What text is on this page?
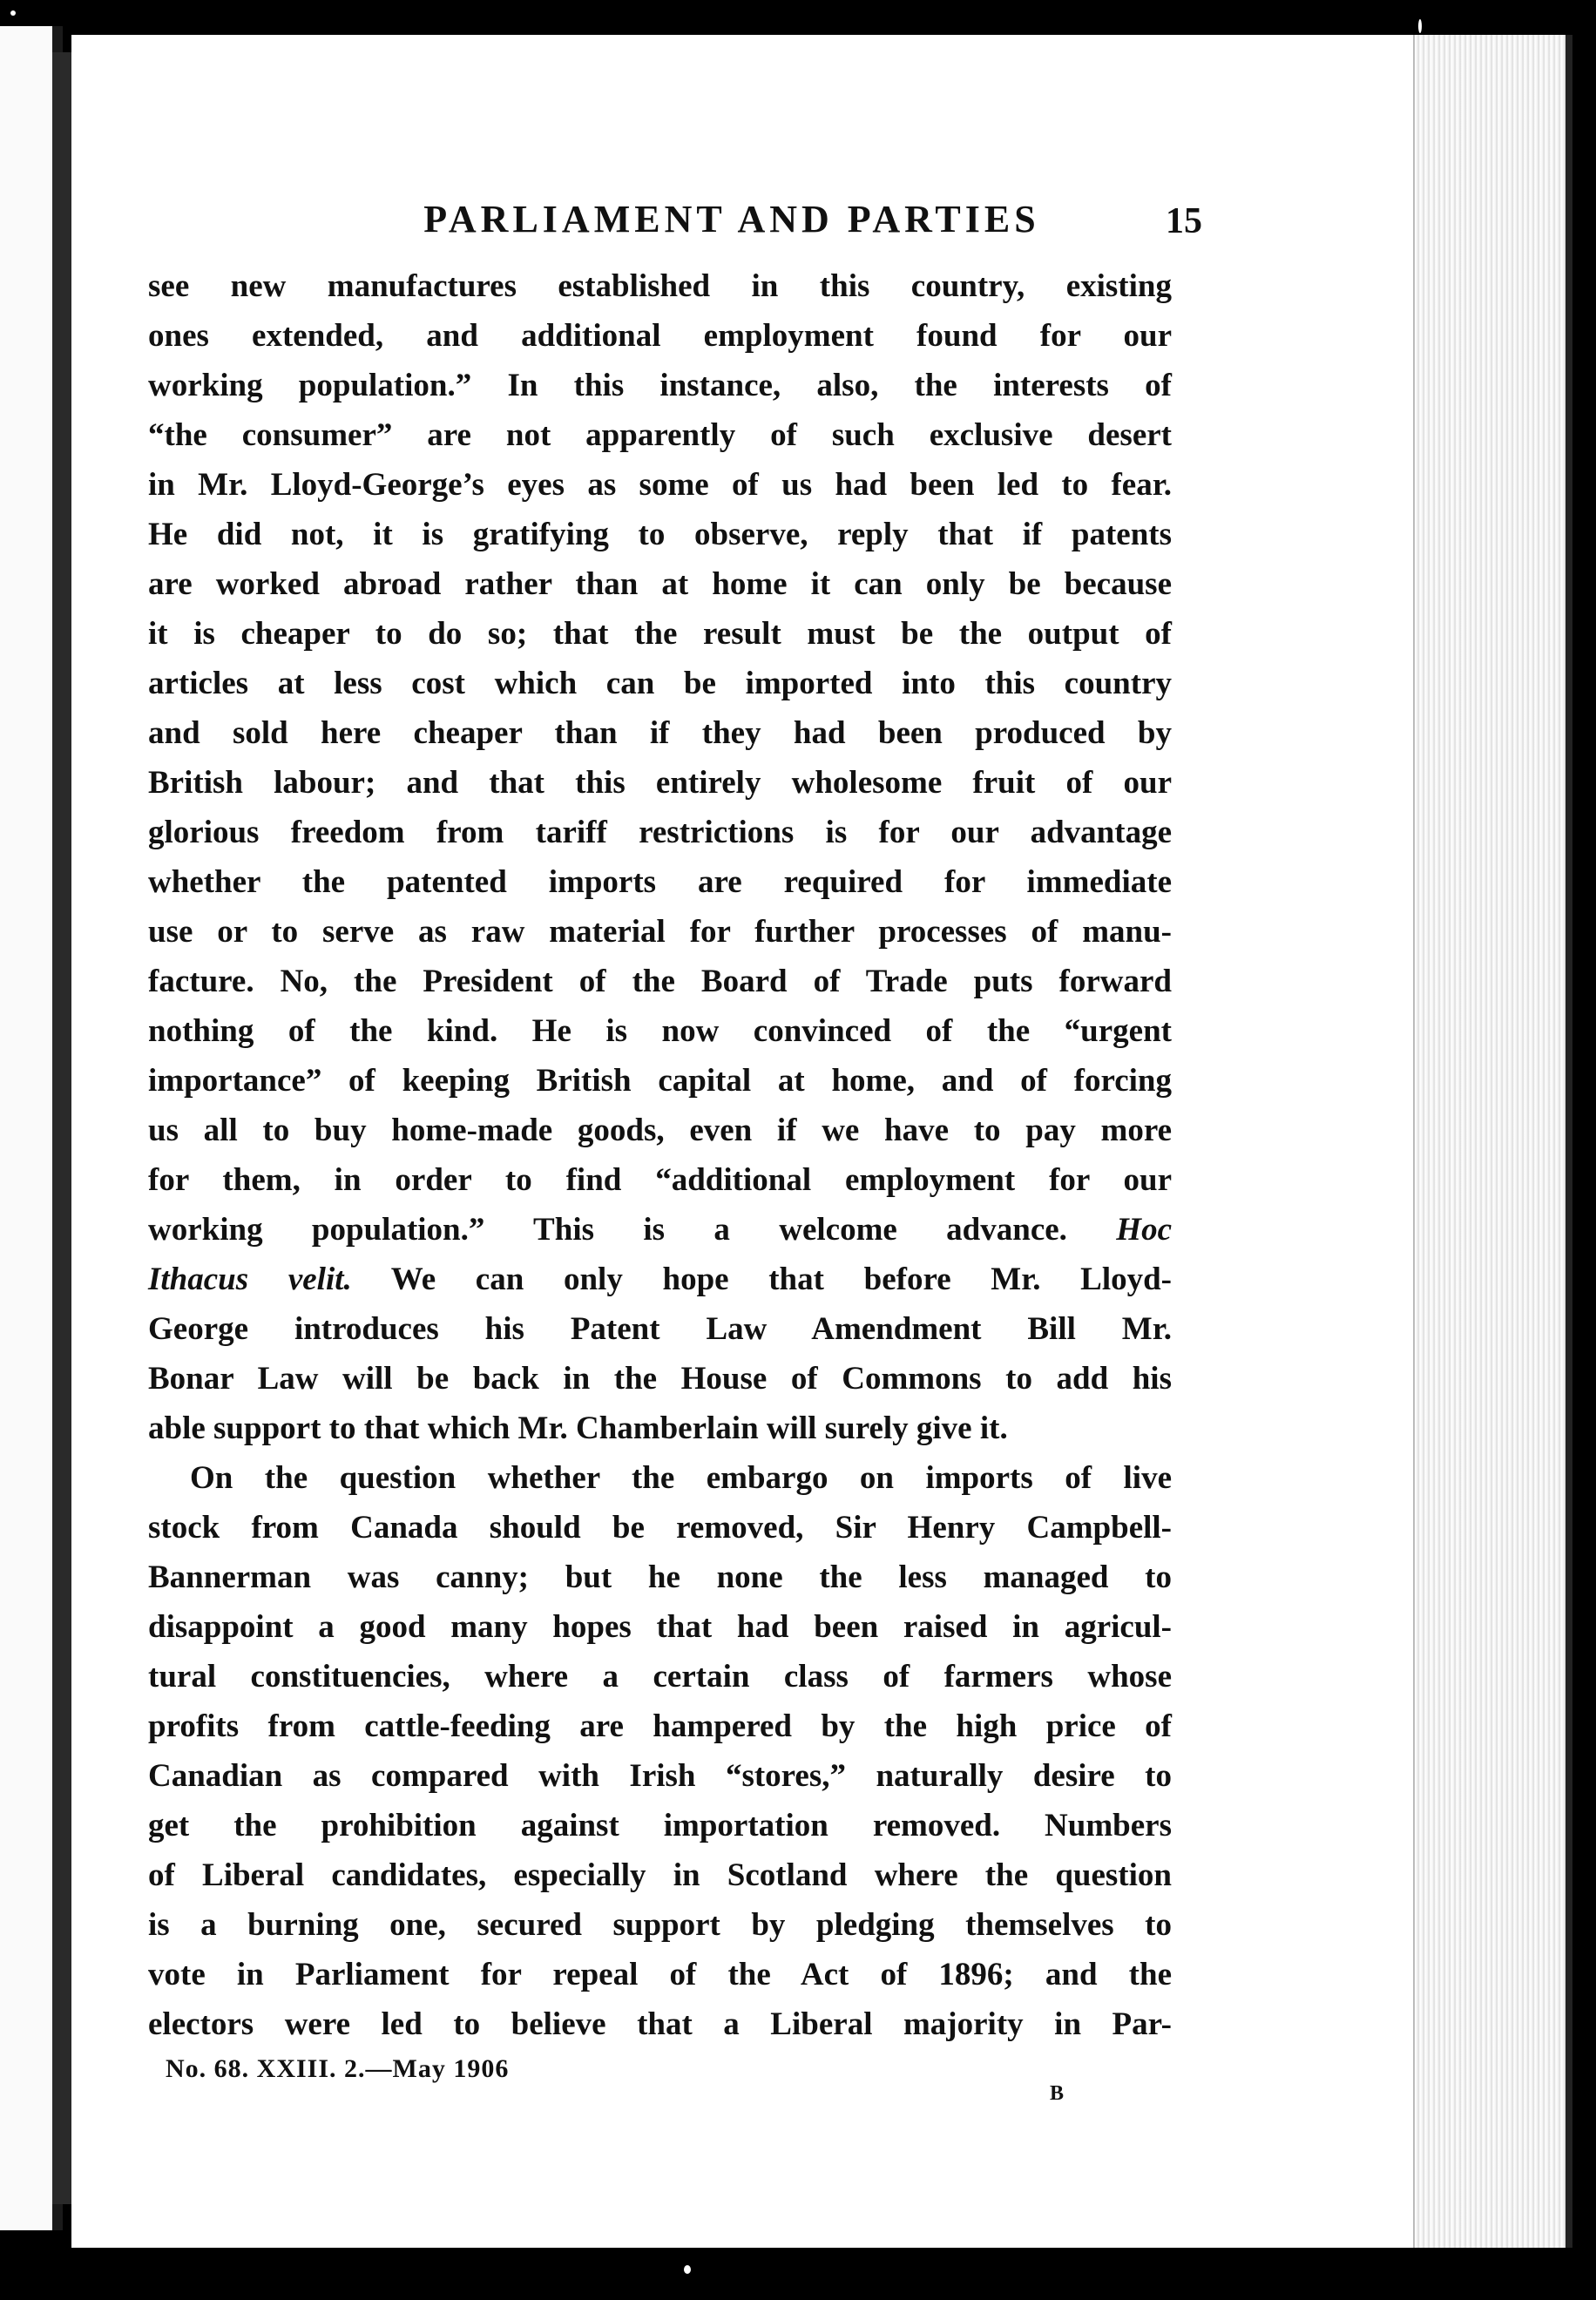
PARLIAMENT AND PARTIES	15
see new manufactures established in this country, existing
ones extended, and additional employment found for our
working population.” In this instance, also, the interests of
“the consumer” are not apparently of such exclusive desert
in Mr. Lloyd-George’s eyes as some of us had been led to fear.
He did not, it is gratifying to observe, reply that if patents
are worked abroad rather than at home it can only be because
it is cheaper to do so; that the result must be the output of
articles at less cost which can be imported into this country
and sold here cheaper than if they had been produced by
British labour; and that this entirely wholesome fruit of our
glorious freedom from tariff restrictions is for our advantage
whether the patented imports are required for immediate
use or to serve as raw material for further processes of manu-
facture. No, the President of the Board of Trade puts forward
nothing of the kind. He is now convinced of the “urgent
importance” of keeping British capital at home, and of forcing
us all to buy home-made goods, even if we have to pay more
for them, in order to find “additional employment for our
working population.” This is a welcome advance. Hoc
Ithacus velit. We can only hope that before Mr. Lloyd-
George introduces his Patent Law Amendment Bill Mr.
Bonar Law will be back in the House of Commons to add his
able support to that which Mr. Chamberlain will surely give it.
On the question whether the embargo on imports of live
stock from Canada should be removed, Sir Henry Campbell-
Bannerman was canny; but he none the less managed to
disappoint a good many hopes that had been raised in agricul-
tural constituencies, where a certain class of farmers whose
profits from cattle-feeding are hampered by the high price of
Canadian as compared with Irish “stores,” naturally desire to
get the prohibition against importation removed. Numbers
of Liberal candidates, especially in Scotland where the question
is a burning one, secured support by pledging themselves to
vote in Parliament for repeal of the Act of 1896; and the
electors were led to believe that a Liberal majority in Par-
No. 68. XXIII. 2.—May 1906
B
